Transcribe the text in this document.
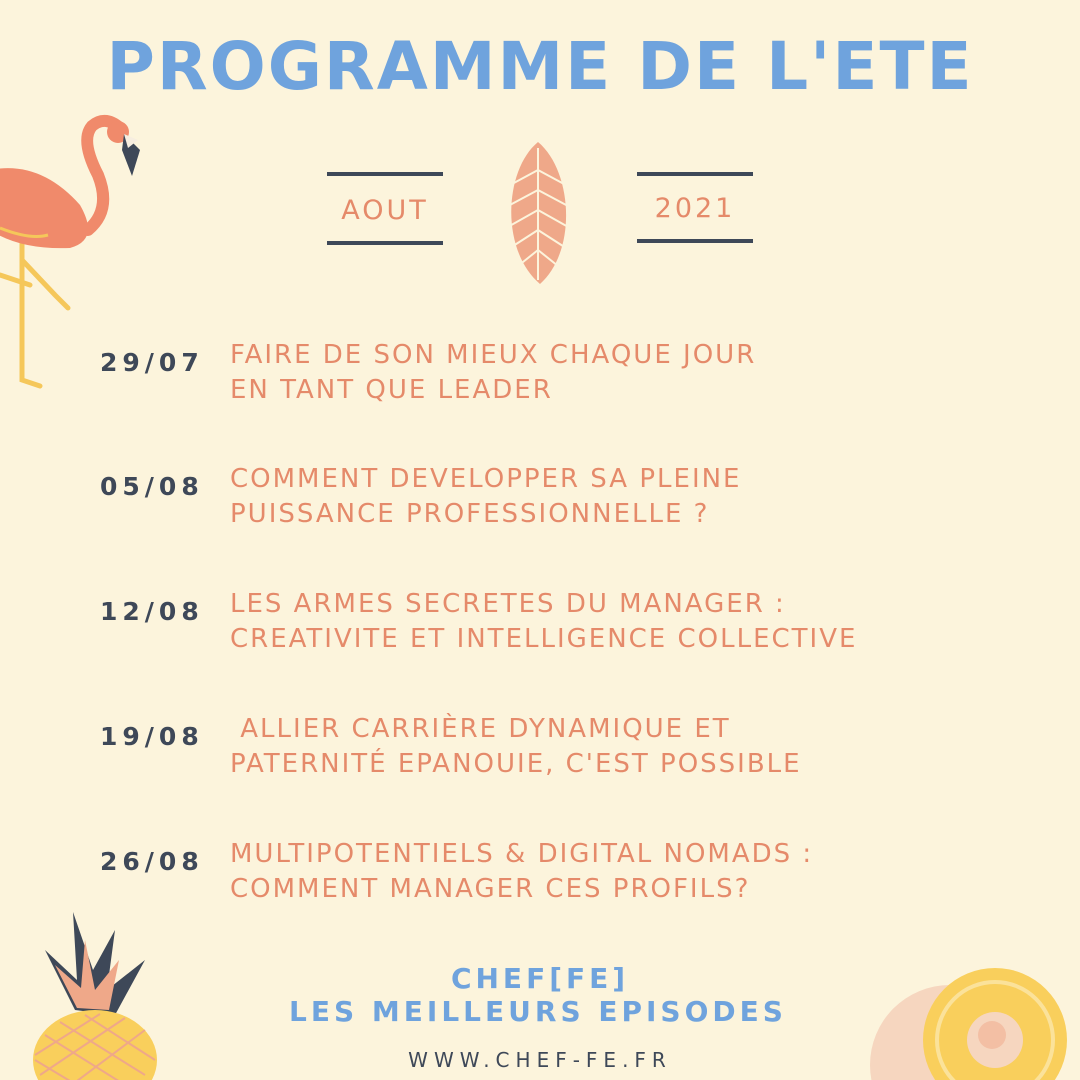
PROGRAMME DE L'ETE
AOUT	2021
29/07 FAIRE DE SON MIEUX CHAQUE JOUR
EN TANT QUE LEADER
05/08 COMMENT DEVELOPPER SA PLEINE
PUISSANCE PROFESSIONNELLE ?
12/08 LES ARMES SECRETES DU MANAGER :
CREATIVITE ET INTELLIGENCE COLLECTIVE
19/08 ALLIER CARRIÈRE DYNAMIQUE ET
PATERNITÉ EPANOUIE, C'EST POSSIBLE
26/08 MULTIPOTENTIELS & DIGITAL NOMADS :
COMMENT MANAGER CES PROFILS?
CHEF[FE]
LES MEILLEURS EPISODES
WWW.CHEF-FE.FR
